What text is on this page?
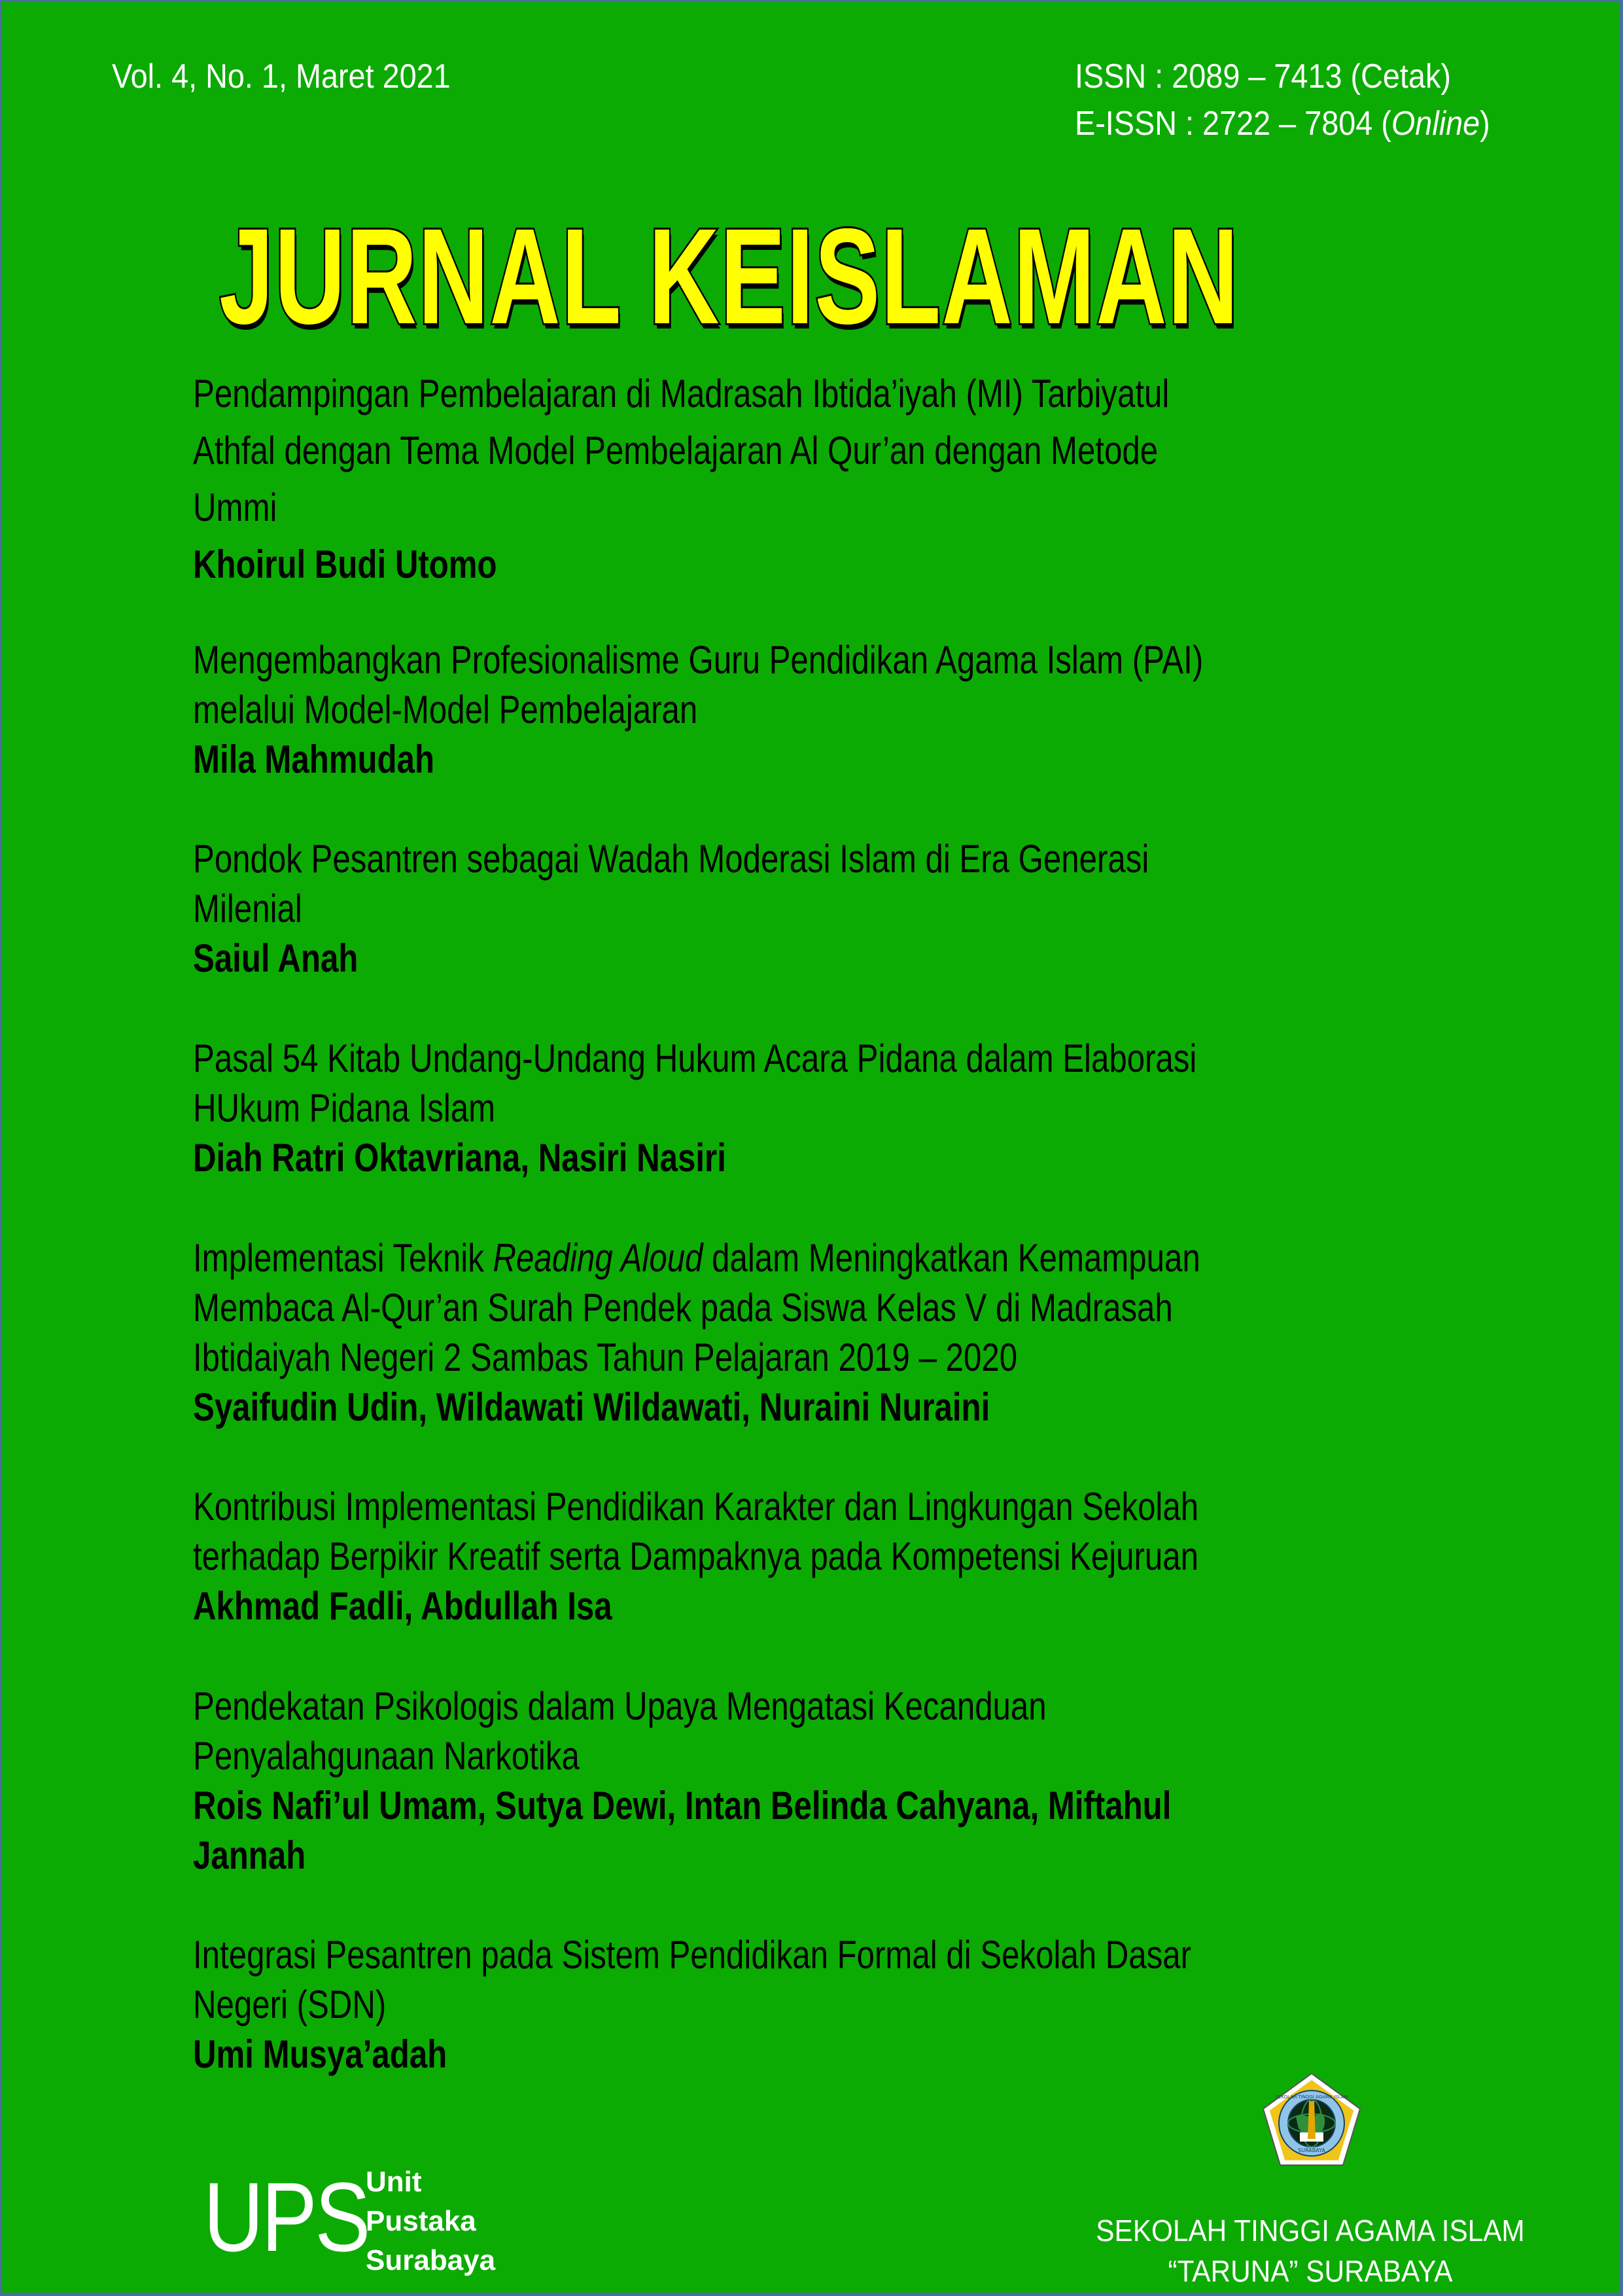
Vol. 4, No. 1, Maret 2021	ISSN : 2089 – 7413 (Cetak)
E-ISSN : 2722 – 7804 (Online)
JURNAL KEISLAMAN
Pendampingan Pembelajaran di Madrasah Ibtida’iyah (MI) Tarbiyatul
Athfal dengan Tema Model Pembelajaran Al Qur’an dengan Metode
Ummi
Khoirul Budi Utomo
Mengembangkan Profesionalisme Guru Pendidikan Agama Islam (PAI)
melalui Model-Model Pembelajaran
Mila Mahmudah
Pondok Pesantren sebagai Wadah Moderasi Islam di Era Generasi
Milenial
Saiul Anah
Pasal 54 Kitab Undang-Undang Hukum Acara Pidana dalam Elaborasi
HUkum Pidana Islam
Diah Ratri Oktavriana, Nasiri Nasiri
Implementasi Teknik Reading Aloud dalam Meningkatkan Kemampuan
Membaca Al-Qur’an Surah Pendek pada Siswa Kelas V di Madrasah
Ibtidaiyah Negeri 2 Sambas Tahun Pelajaran 2019 – 2020
Syaifudin Udin, Wildawati Wildawati, Nuraini Nuraini
Kontribusi Implementasi Pendidikan Karakter dan Lingkungan Sekolah
terhadap Berpikir Kreatif serta Dampaknya pada Kompetensi Kejuruan
Akhmad Fadli, Abdullah Isa
Pendekatan Psikologis dalam Upaya Mengatasi Kecanduan
Penyalahgunaan Narkotika
Rois Nafi’ul Umam, Sutya Dewi, Intan Belinda Cahyana, Miftahul
Jannah
Integrasi Pesantren pada Sistem Pendidikan Formal di Sekolah Dasar
Negeri (SDN)
Umi Musya’adah
UPS
Unit
Pustaka
Surabaya
SEKOLAH TINGGI AGAMA ISLAM
SURABAYA
SEKOLAH TINGGI AGAMA ISLAM
“TARUNA” SURABAYA
